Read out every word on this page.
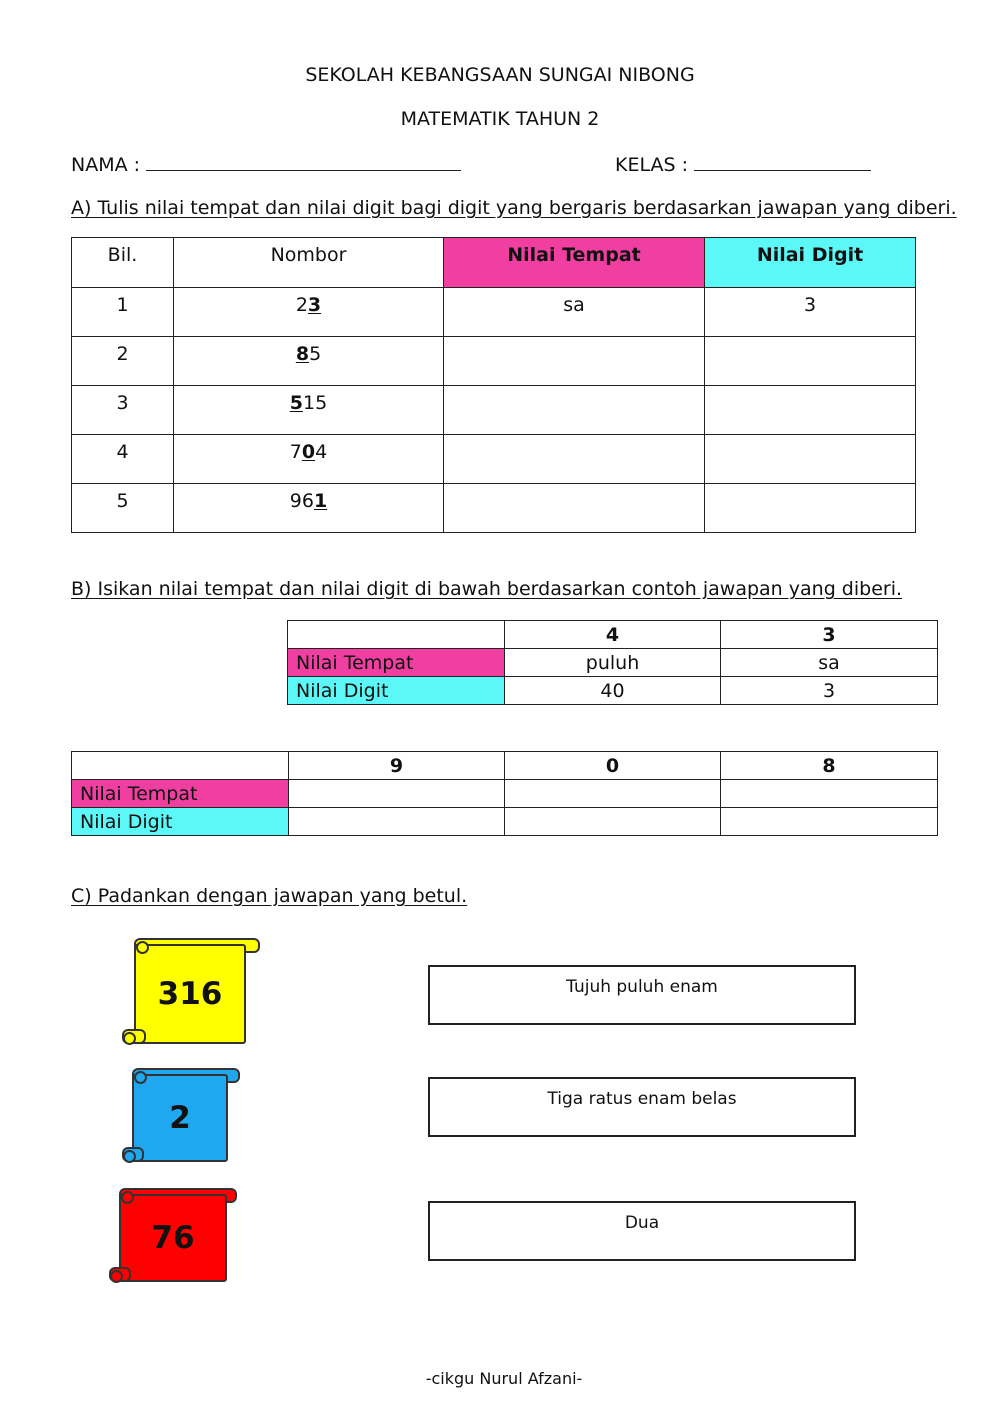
SEKOLAH KEBANGSAAN SUNGAI NIBONG
MATEMATIK TAHUN 2
NAMA :	KELAS :
A) Tulis nilai tempat dan nilai digit bagi digit yang bergaris berdasarkan jawapan yang diberi.
Bil.	Nombor	Nilai Tempat	Nilai Digit
1	23	sa	3
2	85		
3	515		
4	704		
5	961		
B) Isikan nilai tempat dan nilai digit di bawah berdasarkan contoh jawapan yang diberi.
	4	3
Nilai Tempat	puluh	sa
Nilai Digit	40	3
	9	0	8
Nilai Tempat			
Nilai Digit			
C) Padankan dengan jawapan yang betul.
316
2
76
Tujuh puluh enam
Tiga ratus enam belas
Dua
-cikgu Nurul Afzani-
